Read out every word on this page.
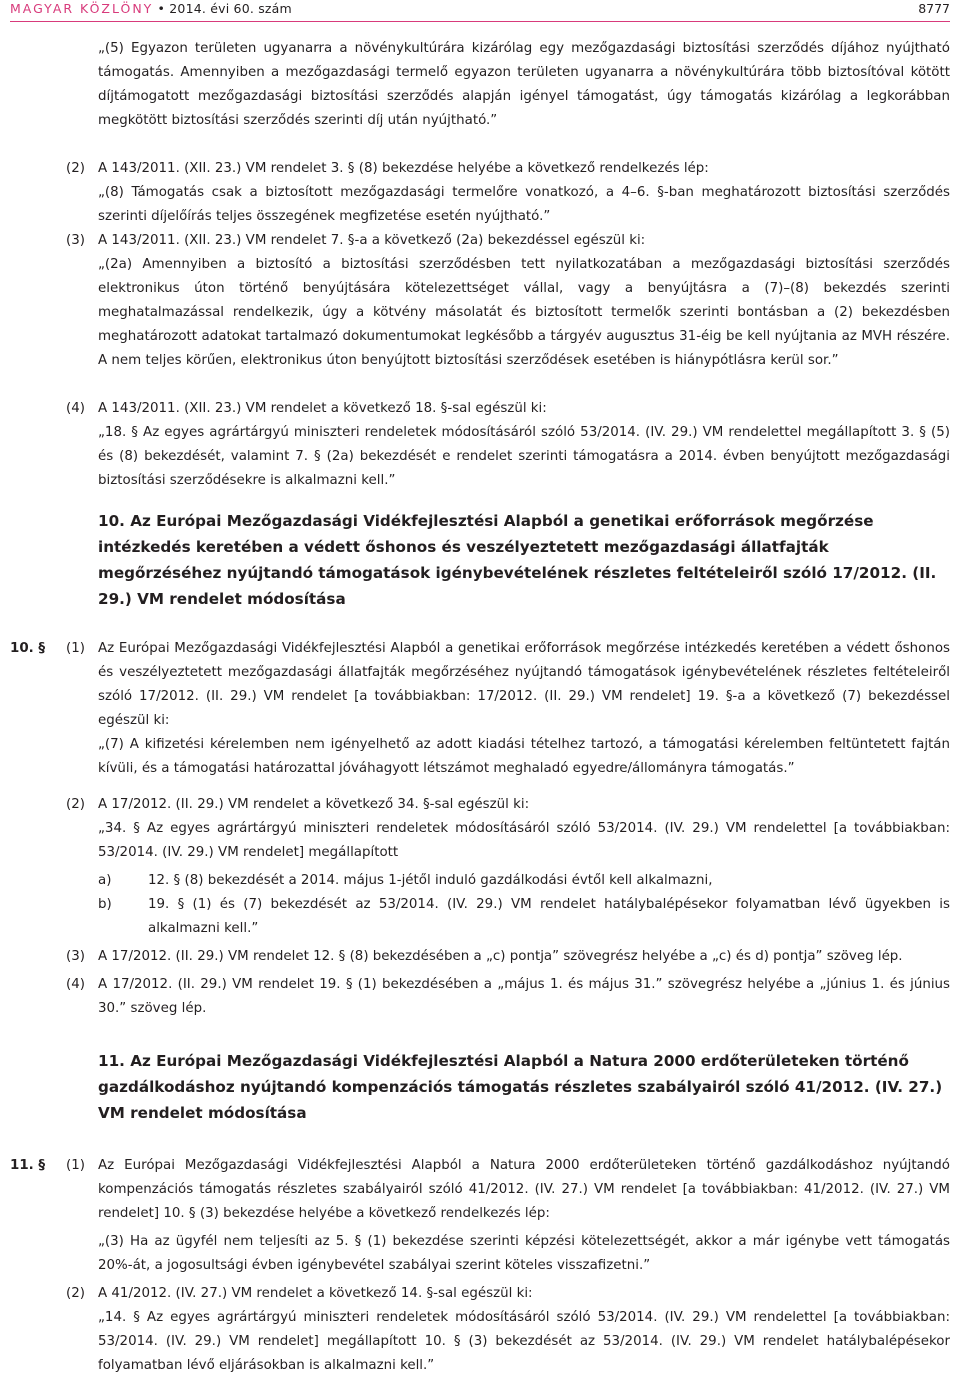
MAGYAR KÖZLÖNY • 2014. évi 60. szám	8777

„(5) Egyazon területen ugyanarra a növénykultúrára kizárólag egy mezőgazdasági biztosítási szerződés díjához nyújtható támogatás. Amennyiben a mezőgazdasági termelő egyazon területen ugyanarra a növénykultúrára több biztosítóval kötött díjtámogatott mezőgazdasági biztosítási szerződés alapján igényel támogatást, úgy támogatás kizárólag a legkorábban megkötött biztosítási szerződés szerinti díj után nyújtható.”

(2) A 143/2011. (XII. 23.) VM rendelet 3. § (8) bekezdése helyébe a következő rendelkezés lép:

„(8) Támogatás csak a biztosított mezőgazdasági termelőre vonatkozó, a 4–6. §-ban meghatározott biztosítási szerződés szerinti díjelőírás teljes összegének megfizetése esetén nyújtható.”

(3) A 143/2011. (XII. 23.) VM rendelet 7. §-a a következő (2a) bekezdéssel egészül ki:

„(2a) Amennyiben a biztosító a biztosítási szerződésben tett nyilatkozatában a mezőgazdasági biztosítási szerződés elektronikus úton történő benyújtására kötelezettséget vállal, vagy a benyújtásra a (7)–(8) bekezdés szerinti meghatalmazással rendelkezik, úgy a kötvény másolatát és biztosított termelők szerinti bontásban a (2) bekezdésben meghatározott adatokat tartalmazó dokumentumokat legkésőbb a tárgyév augusztus 31-éig be kell nyújtania az MVH részére. A nem teljes körűen, elektronikus úton benyújtott biztosítási szerződések esetében is hiánypótlásra kerül sor.”

(4) A 143/2011. (XII. 23.) VM rendelet a következő 18. §-sal egészül ki:

„18. § Az egyes agrártárgyú miniszteri rendeletek módosításáról szóló 53/2014. (IV. 29.) VM rendelettel megállapított 3. § (5) és (8) bekezdését, valamint 7. § (2a) bekezdését e rendelet szerinti támogatásra a 2014. évben benyújtott mezőgazdasági biztosítási szerződésekre is alkalmazni kell.”

10. Az Európai Mezőgazdasági Vidékfejlesztési Alapból a genetikai erőforrások megőrzése intézkedés keretében a védett őshonos és veszélyeztetett mezőgazdasági állatfajták megőrzéséhez nyújtandó támogatások igénybevételének részletes feltételeiről szóló 17/2012. (II. 29.) VM rendelet módosítása
10. § (1) Az Európai Mezőgazdasági Vidékfejlesztési Alapból a genetikai erőforrások megőrzése intézkedés keretében a védett őshonos és veszélyeztetett mezőgazdasági állatfajták megőrzéséhez nyújtandó támogatások igénybevételének részletes feltételeiről szóló 17/2012. (II. 29.) VM rendelet [a továbbiakban: 17/2012. (II. 29.) VM rendelet] 19. §-a a következő (7) bekezdéssel egészül ki:

„(7) A kifizetési kérelemben nem igényelhető az adott kiadási tételhez tartozó, a támogatási kérelemben feltüntetett fajtán kívüli, és a támogatási határozattal jóváhagyott létszámot meghaladó egyedre/állományra támogatás.”

(2) A 17/2012. (II. 29.) VM rendelet a következő 34. §-sal egészül ki:

„34. § Az egyes agrártárgyú miniszteri rendeletek módosításáról szóló 53/2014. (IV. 29.) VM rendelettel [a továbbiakban: 53/2014. (IV. 29.) VM rendelet] megállapított

a)	12. § (8) bekezdését a 2014. május 1-jétől induló gazdálkodási évtől kell alkalmazni,
b)	19. § (1) és (7) bekezdését az 53/2014. (IV. 29.) VM rendelet hatálybalépésekor folyamatban lévő ügyekben is alkalmazni kell.”
(3) A 17/2012. (II. 29.) VM rendelet 12. § (8) bekezdésében a „c) pontja” szövegrész helyébe a „c) és d) pontja” szöveg lép.
(4) A 17/2012. (II. 29.) VM rendelet 19. § (1) bekezdésében a „május 1. és május 31.” szövegrész helyébe a „június 1. és június 30.” szöveg lép.
11. Az Európai Mezőgazdasági Vidékfejlesztési Alapból a Natura 2000 erdőterületeken történő gazdálkodáshoz nyújtandó kompenzációs támogatás részletes szabályairól szóló 41/2012. (IV. 27.) VM rendelet módosítása
11. § (1) Az Európai Mezőgazdasági Vidékfejlesztési Alapból a Natura 2000 erdőterületeken történő gazdálkodáshoz nyújtandó kompenzációs támogatás részletes szabályairól szóló 41/2012. (IV. 27.) VM rendelet [a továbbiakban: 41/2012. (IV. 27.) VM rendelet] 10. § (3) bekezdése helyébe a következő rendelkezés lép:

„(3) Ha az ügyfél nem teljesíti az 5. § (1) bekezdése szerinti képzési kötelezettségét, akkor a már igénybe vett támogatás 20%-át, a jogosultsági évben igénybevétel szabályai szerint köteles visszafizetni.”

(2) A 41/2012. (IV. 27.) VM rendelet a következő 14. §-sal egészül ki:

„14. § Az egyes agrártárgyú miniszteri rendeletek módosításáról szóló 53/2014. (IV. 29.) VM rendelettel [a továbbiakban: 53/2014. (IV. 29.) VM rendelet] megállapított 10. § (3) bekezdését az 53/2014. (IV. 29.) VM rendelet hatálybalépésekor folyamatban lévő eljárásokban is alkalmazni kell.”
